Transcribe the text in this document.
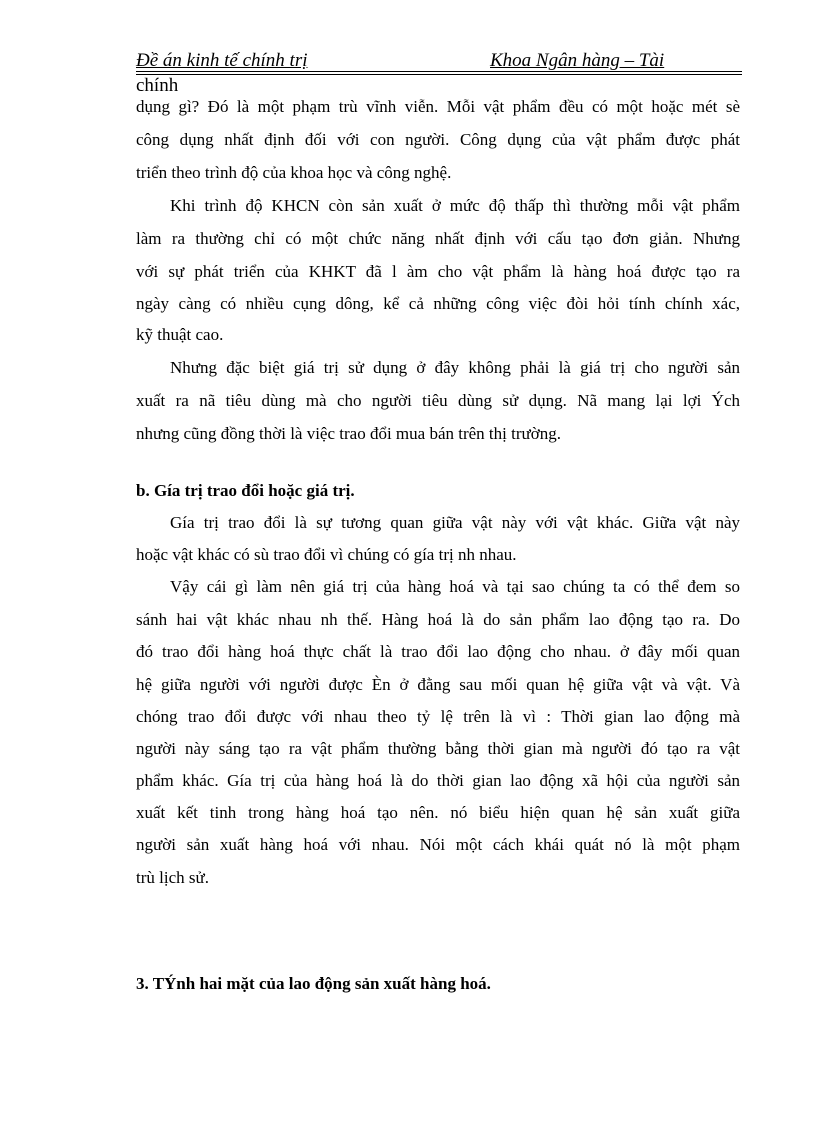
Đề án kinh tế chính trị	Khoa Ngân hàng – Tài
chính
dụng gì? Đó là một phạm trù vĩnh viễn. Mỗi vật phẩm đều có một hoặc mét sè
công dụng nhất định đối với con người. Công dụng của vật phẩm được phát
triển theo trình độ của khoa học và công nghệ.
Khi trình độ KHCN còn sản xuất ở mức độ thấp thì thường mỗi vật phẩm
làm ra thường chỉ có một chức năng nhất định với cấu tạo đơn giản. Nhưng
với sự phát triển của KHKT đã l àm cho vật phẩm là hàng hoá được tạo ra
ngày càng có nhiều cụng dông, kể cả những công việc đòi hỏi tính chính xác,
kỹ thuật cao.
Nhưng đặc biệt giá trị sử dụng ở đây không phải là giá trị cho người sản
xuất ra nã tiêu dùng mà cho người tiêu dùng sử dụng. Nã mang lại lợi Ých
nhưng cũng đồng thời là việc trao đổi mua bán trên thị trường.
b. Gía trị trao đổi hoặc giá trị.
Gía trị trao đổi là sự tương quan giữa vật này với vật khác. Giữa vật này
hoặc vật khác có sù trao đổi vì chúng có gía trị nh nhau.
Vậy cái gì làm nên giá trị của hàng hoá và tại sao chúng ta có thể đem so
sánh hai vật khác nhau nh thế. Hàng hoá là do sản phẩm lao động tạo ra. Do
đó trao đổi hàng hoá thực chất là trao đổi lao động cho nhau. ở đây mối quan
hệ giữa người với người được Èn ở đằng sau mối quan hệ giữa vật và vật. Và
chóng trao đổi được với nhau theo tỷ lệ trên là vì : Thời gian lao động mà
người này sáng tạo ra vật phẩm thường bằng thời gian mà người đó tạo ra vật
phẩm khác. Gía trị của hàng hoá là do thời gian lao động xã hội của người sản
xuất kết tinh trong hàng hoá tạo nên. nó biểu hiện quan hệ sản xuất giữa
người sản xuất hàng hoá với nhau. Nói một cách khái quát nó là một phạm
trù lịch sử.
3. TÝnh hai mặt của lao động sản xuất hàng hoá.
